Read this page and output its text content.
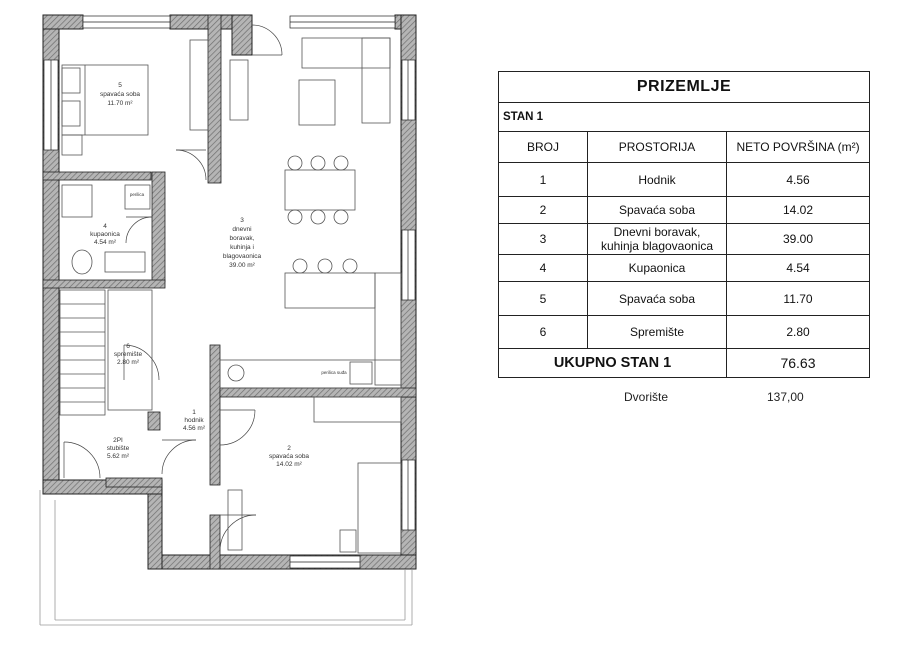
5
spavaća soba
11.70 m²
4
kupaonica
4.54 m²
3
dnevni
boravak,
kuhinja i
blagovaonica
39.00 m²
6
spremište
2.80 m²
1
hodnik
4.56 m²
2PI
stubište
5.62 m²
2
spavaća soba
14.02 m²
perilica
perilica suđa
PRIZEMLJE		
STAN 1		
BROJ	PROSTORIJA	NETO POVRŠINA (m²)
1	Hodnik	4.56
2	Spavaća soba	14.02
3	Dnevni boravak,
kuhinja blagovaonica	39.00
4	Kupaonica	4.54
5	Spavaća soba	11.70
6	Spremište	2.80
UKUPNO STAN 1		76.63
Dvorište	137,00
